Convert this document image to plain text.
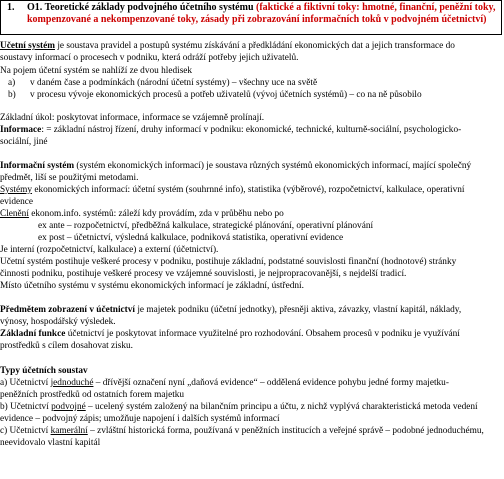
1. O1. Teoretické základy podvojného účetního systému (faktické a fiktivní toky: hmotné, finanční, peněžní toky,
kompenzované a nekompenzované toky, zásady při zobrazování informačních toků v podvojném účetnictví)
Účetní systém je soustava pravidel a postupů systému získávání a předkládání ekonomických dat a jejich transformace do
soustavy informací o procesech v podniku, která odráží potřeby jejich uživatelů.
Na pojem účetní systém se nahlíží ze dvou hledisek
a) v daném čase a podmínkách (národní účetní systémy) – všechny uce na světě
b) v procesu vývoje ekonomických procesů a potřeb uživatelů (vývoj účetních systémů) – co na ně působilo
Základní úkol: poskytovat informace, informace se vzájemně prolínají.
Informace: = základní nástroj řízení, druhy informací v podniku: ekonomické, technické, kulturně-sociální, psychologicko-
sociální, jiné
Informační systém (systém ekonomických informací) je soustava různých systémů ekonomických informací, mající společný
předmět, liší se použitými metodami.
Systémy ekonomických informací: účetní systém (souhrnné info), statistika (výběrové), rozpočetnictví, kalkulace, operativní
evidence
Členění ekonom.info. systémů: záleží kdy provádím, zda v průběhu nebo po
ex ante – rozpočetnictví, předběžná kalkulace, strategické plánování, operativní plánování
ex post – účetnictví, výsledná kalkulace, podniková statistika, operativní evidence
Je interní (rozpočetnictví, kalkulace) a externí (účetnictví).
Účetní systém postihuje veškeré procesy v podniku, postihuje základní, podstatné souvislosti finanční (hodnotové) stránky
činnosti podniku, postihuje veškeré procesy ve vzájemné souvislosti, je nejpropracovanější, s nejdelší tradicí.
Místo účetního systému v systému ekonomických informací je základní, ústřední.
Předmětem zobrazení v účetnictví je majetek podniku (účetní jednotky), přesněji aktiva, závazky, vlastní kapitál, náklady,
výnosy, hospodářský výsledek.
Základní funkce účetnictví je poskytovat informace využitelné pro rozhodování. Obsahem procesů v podniku je využívání
prostředků s cílem dosahovat zisku.
Typy účetních soustav
a) Účetnictví jednoduché – dřívější označení nyní „daňová evidence“ – oddělená evidence pohybu jedné formy majetku-
peněžních prostředků od ostatních forem majetku
b) Účetnictví podvojné – ucelený systém založený na bilančním principu a účtu, z nichž vyplývá charakteristická metoda vedení
evidence – podvojný zápis; umožňuje napojení i dalších systémů informací
c) Účetnictví kamerální – zvláštní historická forma, používaná v peněžních institucích a veřejné správě – podobné jednoduchému,
neevidovalo vlastní kapitál
